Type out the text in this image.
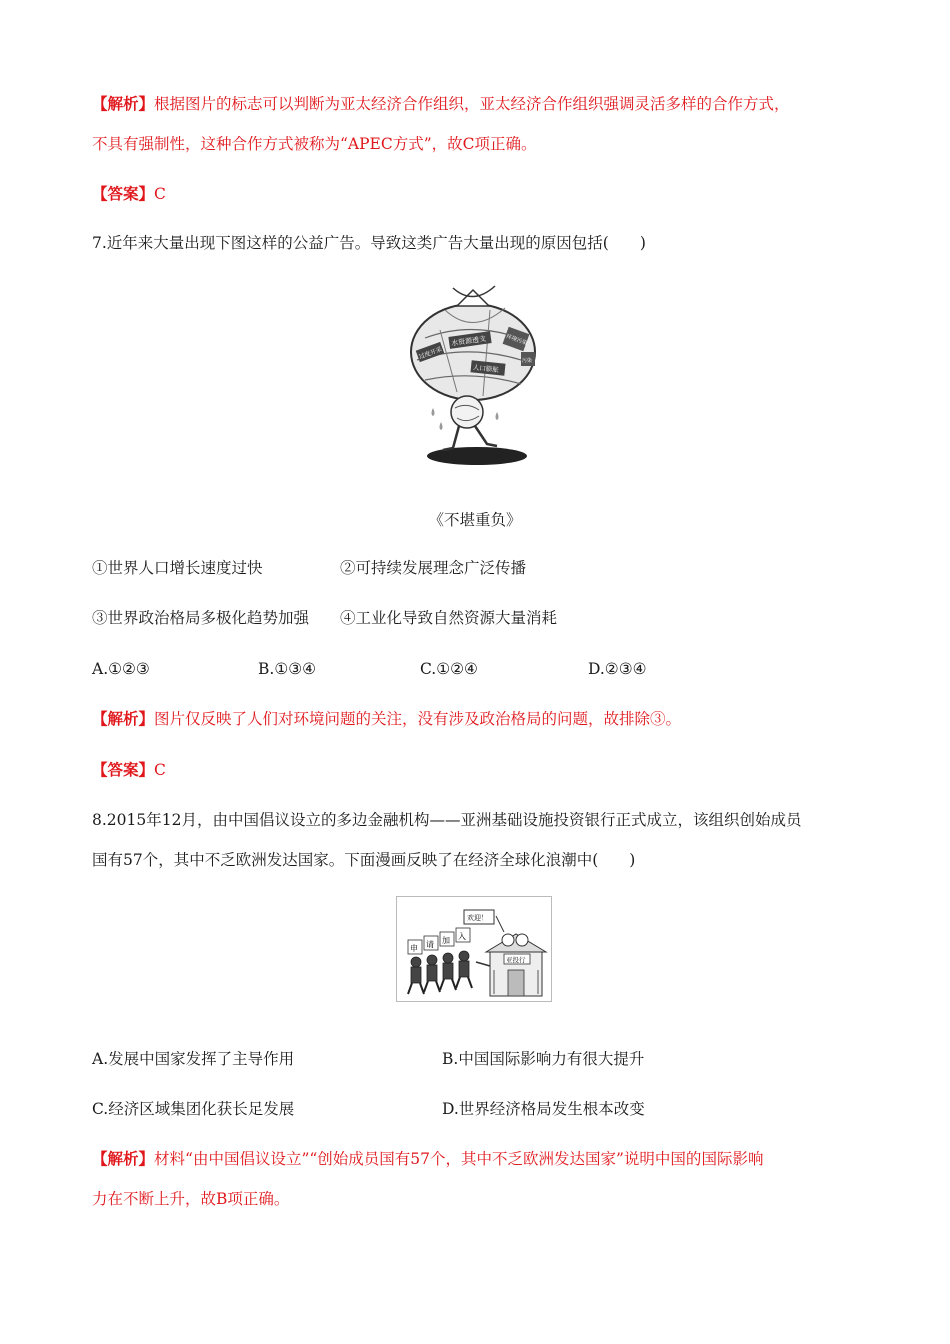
【解析】根据图片的标志可以判断为亚太经济合作组织，亚太经济合作组织强调灵活多样的合作方式，
不具有强制性，这种合作方式被称为“APEC方式”，故C项正确。
【答案】C
7.近年来大量出现下图这样的公益广告。导致这类广告大量出现的原因包括(　　)
水资源透支
过度开采
人口膨胀
环境污染
污染
《不堪重负》
①世界人口增长速度过快	②可持续发展理念广泛传播
③世界政治格局多极化趋势加强 ④工业化导致自然资源大量消耗
A.①②③	B.①③④	C.①②④	D.②③④
【解析】图片仅反映了人们对环境问题的关注，没有涉及政治格局的问题，故排除③。
【答案】C
8.2015年12月，由中国倡议设立的多边金融机构——亚洲基础设施投资银行正式成立，该组织创始成员
国有57个，其中不乏欧洲发达国家。下面漫画反映了在经济全球化浪潮中(　　)
欢迎！
亚投行
申 请 加 入
A.发展中国家发挥了主导作用	B.中国国际影响力有很大提升
C.经济区域集团化获长足发展	D.世界经济格局发生根本改变
【解析】材料“由中国倡议设立”“创始成员国有57个，其中不乏欧洲发达国家”说明中国的国际影响
力在不断上升，故B项正确。
